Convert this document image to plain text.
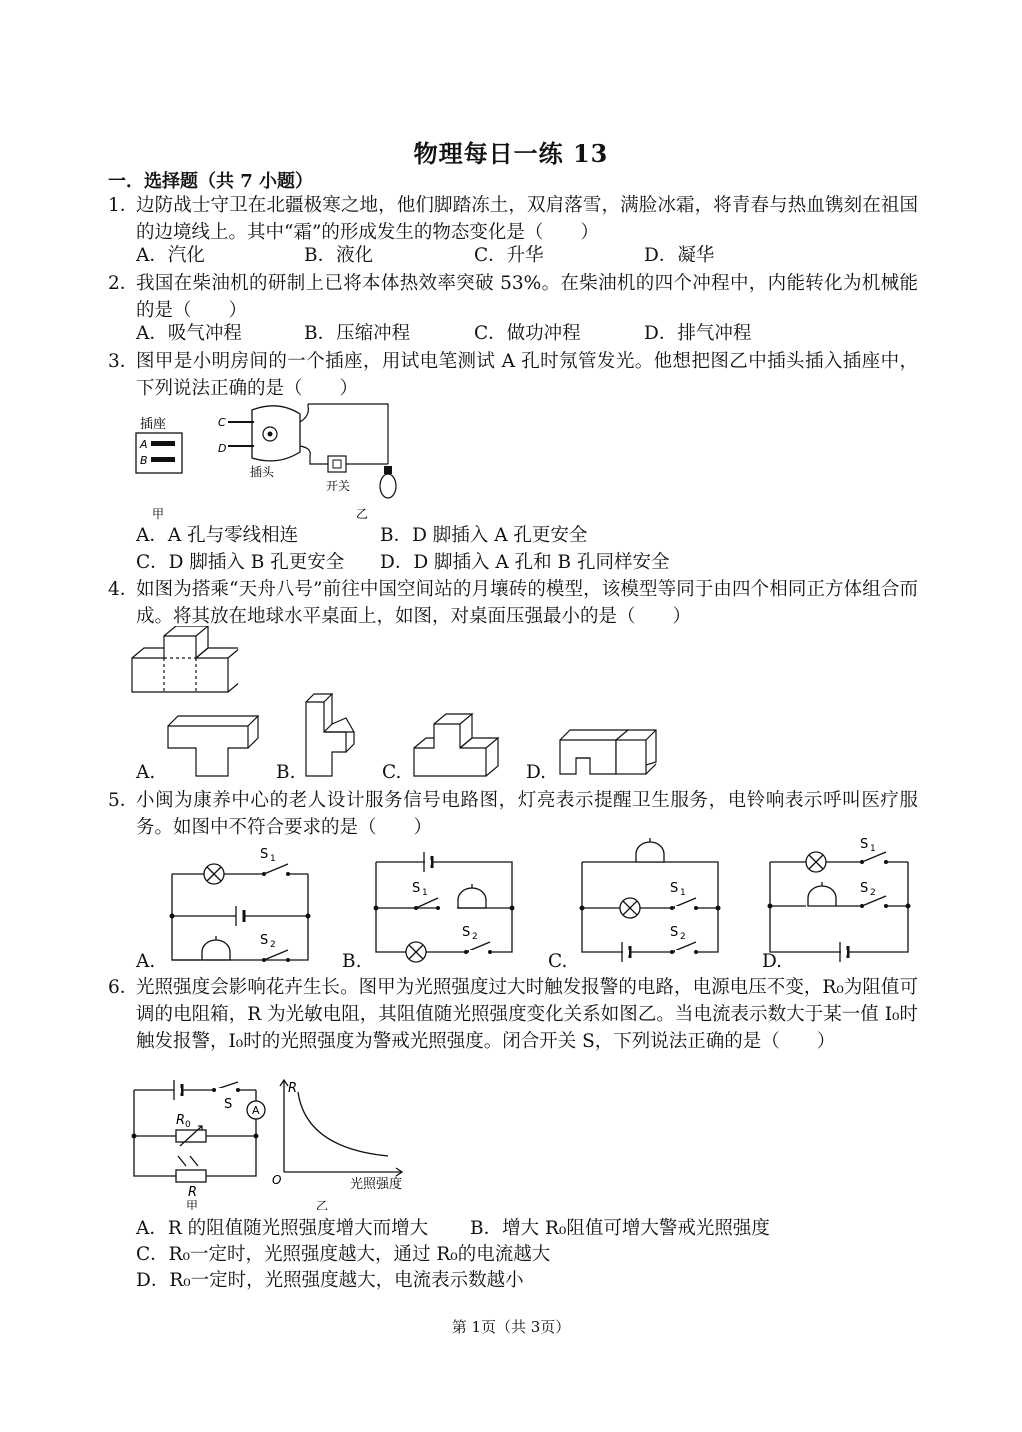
物理每日一练 13
一．选择题（共 7 小题）
1．
边防战士守卫在北疆极寒之地，他们脚踏冻土，双肩落雪，满脸冰霜，将青春与热血镌刻在祖国的边境线上。其中“霜”的形成发生的物态变化是（　　）
A．汽化	B．液化	C．升华	D．凝华
2．
我国在柴油机的研制上已将本体热效率突破 53%。在柴油机的四个冲程中，内能转化为机械能的是（　　）
A．吸气冲程	B．压缩冲程	C．做功冲程	D．排气冲程
3．
图甲是小明房间的一个插座，用试电笔测试 A 孔时氖管发光。他想把图乙中插头插入插座中，下列说法正确的是（　　）
插座
A
B
甲
C
D
插头
开关
乙
A．A 孔与零线相连	B．D 脚插入 A 孔更安全
C．D 脚插入 B 孔更安全 D．D 脚插入 A 孔和 B 孔同样安全
4．
如图为搭乘“天舟八号”前往中国空间站的月壤砖的模型，该模型等同于由四个相同正方体组合而成。将其放在地球水平桌面上，如图，对桌面压强最小的是（　　）
A.	B.	C.	D.
5．
小闽为康养中心的老人设计服务信号电路图，灯亮表示提醒卫生服务，电铃响表示呼叫医疗服务。如图中不符合要求的是（　　）
A.	B.	C.	D.
S 1
S 2
S 1
S 2
S 1
S 2
S 1
S 2
6．
光照强度会影响花卉生长。图甲为光照强度过大时触发报警的电路，电源电压不变，R₀为阻值可调的电阻箱，R 为光敏电阻，其阻值随光照强度变化关系如图乙。当电流表示数大于某一值 I₀时触发报警，I₀时的光照强度为警戒光照强度。闭合开关 S，下列说法正确的是（　　）
A
S
R 0
R
甲
R
O	光照强度
乙
A．R 的阻值随光照强度增大而增大 B．增大 R₀阻值可增大警戒光照强度
C．R₀一定时，光照强度越大，通过 R₀的电流越大
D．R₀一定时，光照强度越大，电流表示数越小
第 1页（共 3页）
